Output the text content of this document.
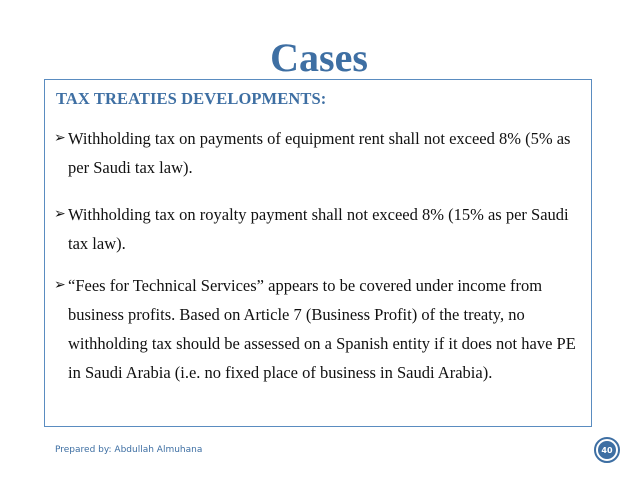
Cases
TAX TREATIES DEVELOPMENTS:
➢ Withholding tax on payments of equipment rent shall not exceed 8% (5% as per Saudi tax law).
➢ Withholding tax on royalty payment shall not exceed 8% (15% as per Saudi tax law).
➢ “Fees for Technical Services” appears to be covered under income from business profits. Based on Article 7 (Business Profit) of the treaty, no withholding tax should be assessed on a Spanish entity if it does not have PE in Saudi Arabia (i.e. no fixed place of business in Saudi Arabia).
Prepared by: Abdullah Almuhana	40
